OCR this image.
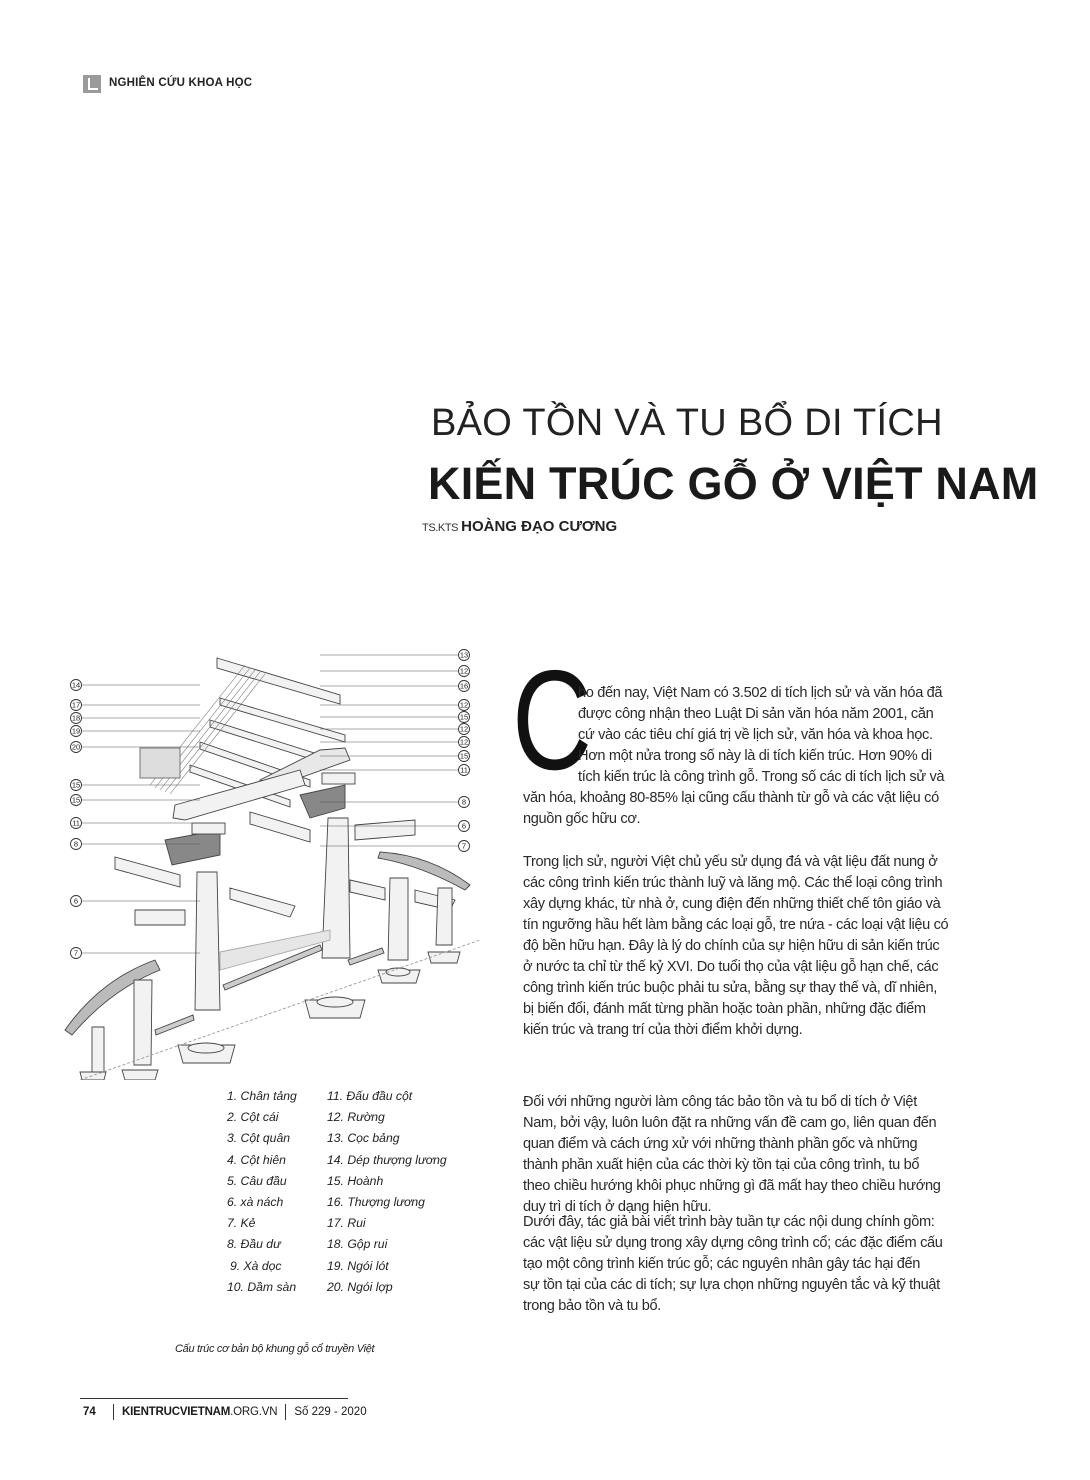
NGHIÊN CỨU KHOA HỌC
BẢO TỒN VÀ TU BỔ DI TÍCH
KIẾN TRÚC GỖ Ở VIỆT NAM
TS.KTS HOÀNG ĐẠO CƯƠNG
14
17
18
19
20
15
15
11
8
6
7
13
12
16
12
15
12
12
15
11
8
6
7
C
ho đến nay, Việt Nam có 3.502 di tích lịch sử và văn hóa đã
được công nhận theo Luật Di sản văn hóa năm 2001, căn
cứ vào các tiêu chí giá trị về lịch sử, văn hóa và khoa học.
Hơn một nửa trong số này là di tích kiến trúc. Hơn 90% di
tích kiến trúc là công trình gỗ. Trong số các di tích lịch sử và
văn hóa, khoảng 80-85% lại cũng cấu thành từ gỗ và các vật liệu có
nguồn gốc hữu cơ.
Trong lịch sử, người Việt chủ yếu sử dụng đá và vật liệu đất nung ở
các công trình kiến trúc thành luỹ và lăng mộ. Các thể loại công trình
xây dựng khác, từ nhà ở, cung điện đến những thiết chế tôn giáo và
tín ngưỡng hầu hết làm bằng các loại gỗ, tre nứa - các loại vật liệu có
độ bền hữu hạn. Đây là lý do chính của sự hiện hữu di sản kiến trúc
ở nước ta chỉ từ thế kỷ XVI. Do tuổi thọ của vật liệu gỗ hạn chế, các
công trình kiến trúc buộc phải tu sửa, bằng sự thay thế và, dĩ nhiên,
bị biến đổi, đánh mất từng phần hoặc toàn phần, những đặc điểm
kiến trúc và trang trí của thời điểm khởi dựng.
Đối với những người làm công tác bảo tồn và tu bổ di tích ở Việt
Nam, bởi vậy, luôn luôn đặt ra những vấn đề cam go, liên quan đến
quan điểm và cách ứng xử với những thành phần gốc và những
thành phần xuất hiện của các thời kỳ tồn tại của công trình, tu bổ
theo chiều hướng khôi phục những gì đã mất hay theo chiều hướng
duy trì di tích ở dạng hiện hữu.
Dưới đây, tác giả bài viết trình bày tuần tự các nội dung chính gồm:
các vật liệu sử dụng trong xây dựng công trình cổ; các đặc điểm cấu
tạo một công trình kiến trúc gỗ; các nguyên nhân gây tác hại đến
sự tồn tại của các di tích; sự lựa chọn những nguyên tắc và kỹ thuật
trong bảo tồn và tu bổ.
1. Chân tảng
2. Cột cái
3. Cột quân
4. Cột hiên
5. Câu đầu
6. xà nách
7. Kẻ
8. Đầu dư
9. Xà dọc
10. Dầm sàn
11. Đấu đầu cột
12. Rường
13. Cọc bảng
14. Dép thượng lương
15. Hoành
16. Thượng lương
17. Rui
18. Gộp rui
19. Ngói lót
20. Ngói lợp
Cấu trúc cơ bản bộ khung gỗ cổ truyền Việt
74	KIENTRUCVIETNAM.ORG.VN Số 229 - 2020
